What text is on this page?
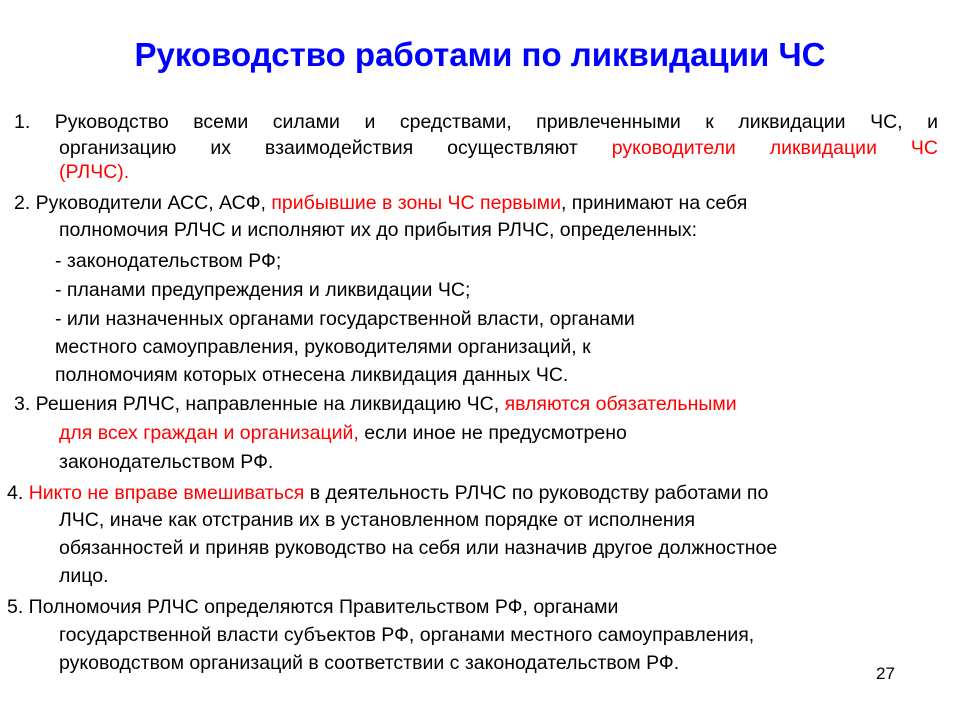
Руководство работами по ликвидации ЧС

1. Руководство всеми силами и средствами, привлеченными к ликвидации ЧС, и

организацию их взаимодействия осуществляют руководители ликвидации ЧС

(РЛЧС).

2. Руководители АСС, АСФ, прибывшие в зоны ЧС первыми, принимают на себя

полномочия РЛЧС и исполняют их до прибытия РЛЧС, определенных:

- законодательством РФ;

- планами предупреждения и ликвидации ЧС;

- или назначенных органами государственной власти, органами

местного самоуправления, руководителями организаций, к

полномочиям которых отнесена ликвидация данных ЧС.

3. Решения РЛЧС, направленные на ликвидацию ЧС, являются обязательными

для всех граждан и организаций, если иное не предусмотрено

законодательством РФ.

4. Никто не вправе вмешиваться в деятельность РЛЧС по руководству работами по

ЛЧС, иначе как отстранив их в установленном порядке от исполнения

обязанностей и приняв руководство на себя или назначив другое должностное

лицо.

5. Полномочия РЛЧС определяются Правительством РФ, органами

государственной власти субъектов РФ, органами местного самоуправления,

руководством организаций в соответствии с законодательством РФ.	27
